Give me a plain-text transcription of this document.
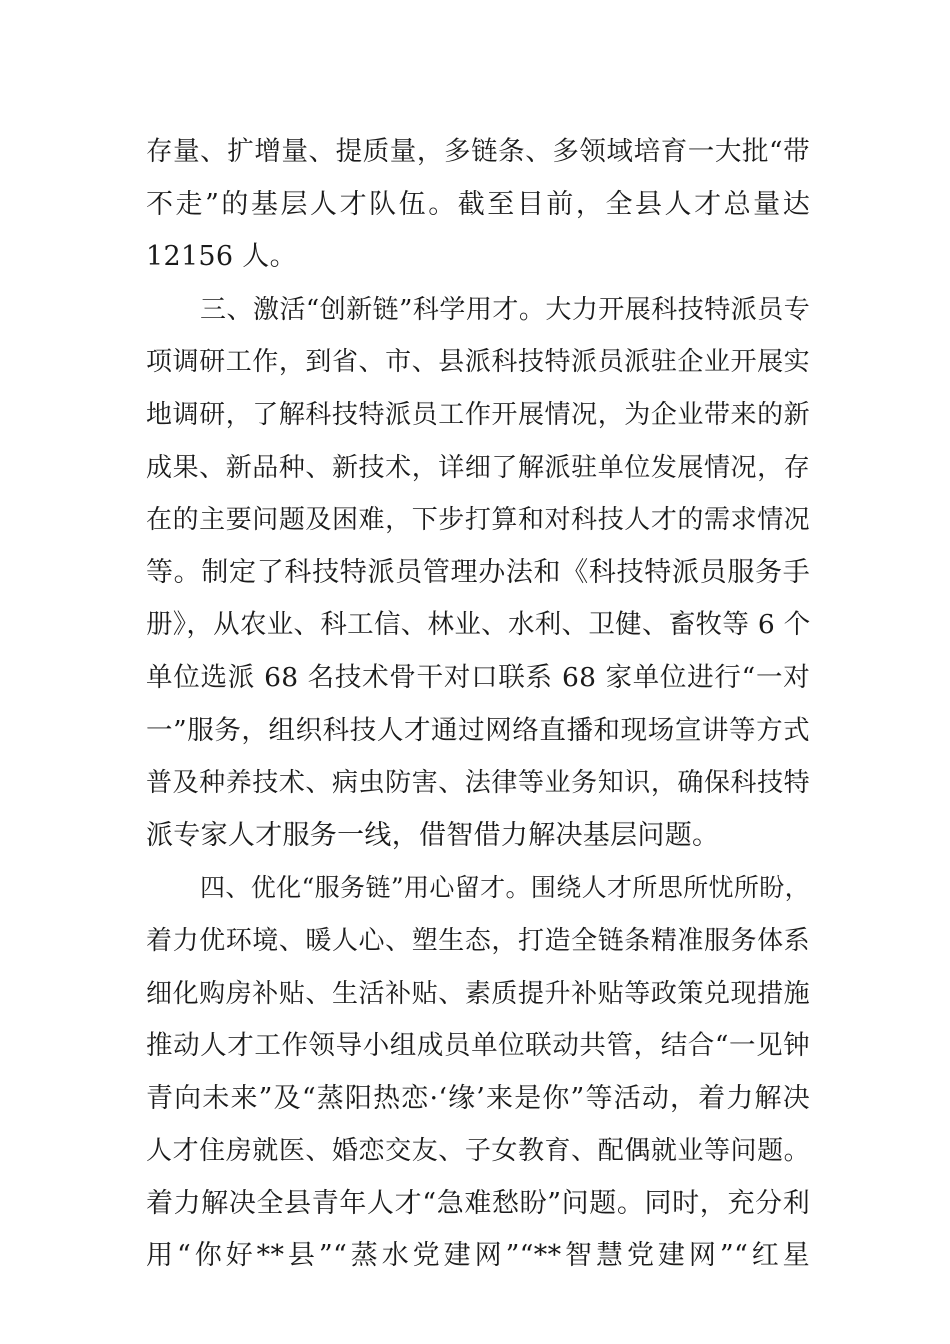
存量、扩增量、提质量，多链条、多领域培育一大批“带
不走”的基层人才队伍。截至目前，全县人才总量达
12156 人。
三、激活“创新链”科学用才。大力开展科技特派员专
项调研工作，到省、市、县派科技特派员派驻企业开展实
地调研，了解科技特派员工作开展情况，为企业带来的新
成果、新品种、新技术，详细了解派驻单位发展情况，存
在的主要问题及困难，下步打算和对科技人才的需求情况
等。制定了科技特派员管理办法和《科技特派员服务手
册》，从农业、科工信、林业、水利、卫健、畜牧等 6 个
单位选派 68 名技术骨干对口联系 68 家单位进行“一对
一”服务，组织科技人才通过网络直播和现场宣讲等方式
普及种养技术、病虫防害、法律等业务知识，确保科技特
派专家人才服务一线，借智借力解决基层问题。
四、优化“服务链”用心留才。围绕人才所思所忧所盼，
着力优环境、暖人心、塑生态，打造全链条精准服务体系
细化购房补贴、生活补贴、素质提升补贴等政策兑现措施
推动人才工作领导小组成员单位联动共管，结合“一见钟
青向未来”及“蒸阳热恋·‘缘’来是你”等活动，着力解决
人才住房就医、婚恋交友、子女教育、配偶就业等问题。
着力解决全县青年人才“急难愁盼”问题。同时，充分利
用“你好**县”“蒸水党建网”“**智慧党建网”“红星
